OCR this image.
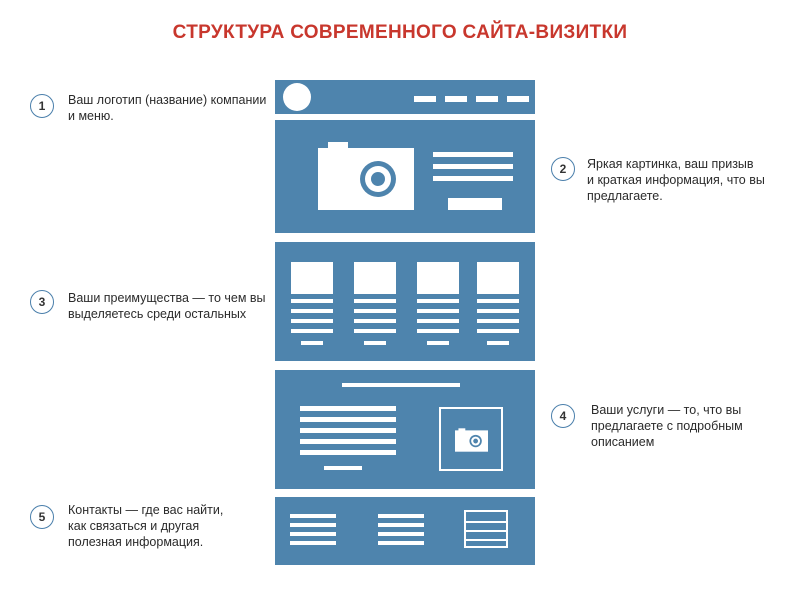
СТРУКТУРА СОВРЕМЕННОГО САЙТА-ВИЗИТКИ
1	Ваш логотип (название) компании
и меню.
2	Яркая картинка, ваш призыв
и краткая информация, что вы
предлагаете.
3	Ваши преимущества — то чем вы
выделяетесь среди остальных
4	Ваши услуги — то, что вы
предлагаете с подробным
описанием
5	Контакты — где вас найти,
как связаться и другая
полезная информация.
